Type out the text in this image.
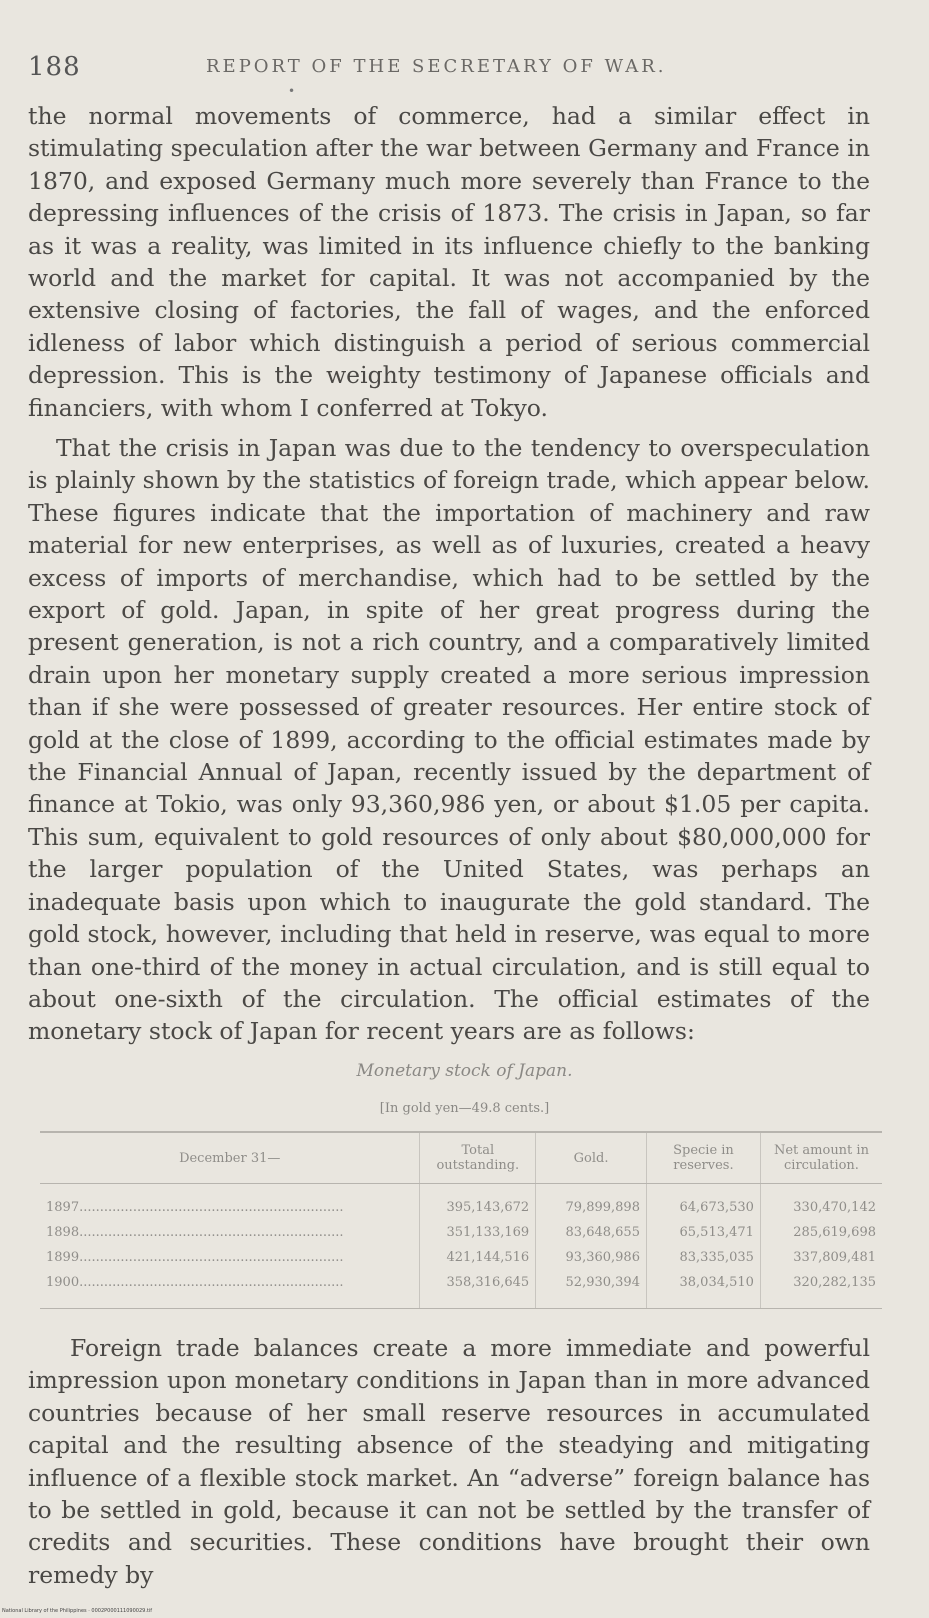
188	REPORT OF THE SECRETARY OF WAR.
•

the normal movements of commerce, had a similar effect in stimulating speculation after the war between Germany and France in 1870, and exposed Germany much more severely than France to the depressing influences of the crisis of 1873. The crisis in Japan, so far as it was a reality, was limited in its influence chiefly to the banking world and the market for capital. It was not accompanied by the extensive closing of factories, the fall of wages, and the enforced idleness of labor which distinguish a period of serious commercial depression. This is the weighty testimony of Japanese officials and financiers, with whom I conferred at Tokyo.

That the crisis in Japan was due to the tendency to overspeculation is plainly shown by the statistics of foreign trade, which appear below. These figures indicate that the importation of machinery and raw material for new enterprises, as well as of luxuries, created a heavy excess of imports of merchandise, which had to be settled by the export of gold. Japan, in spite of her great progress during the present generation, is not a rich country, and a comparatively limited drain upon her monetary supply created a more serious impression than if she were possessed of greater resources. Her entire stock of gold at the close of 1899, according to the official estimates made by the Financial Annual of Japan, recently issued by the department of finance at Tokio, was only 93,360,986 yen, or about $1.05 per capita. This sum, equivalent to gold resources of only about $80,000,000 for the larger population of the United States, was perhaps an inadequate basis upon which to inaugurate the gold standard. The gold stock, however, including that held in reserve, was equal to more than one-third of the money in actual circulation, and is still equal to about one-sixth of the circulation. The official estimates of the monetary stock of Japan for recent years are as follows:

Monetary stock of Japan.
[In gold yen—49.8 cents.]
December 31—	Total outstanding.	Gold.	Specie in reserves.	Net amount in circulation.
1897................................................................	395,143,672	79,899,898	64,673,530	330,470,142
1898................................................................	351,133,169	83,648,655	65,513,471	285,619,698
1899................................................................	421,144,516	93,360,986	83,335,035	337,809,481
1900................................................................	358,316,645	52,930,394	38,034,510	320,282,135

Foreign trade balances create a more immediate and powerful impression upon monetary conditions in Japan than in more advanced countries because of her small reserve resources in accumulated capital and the resulting absence of the steadying and mitigating influence of a flexible stock market. An “adverse” foreign balance has to be settled in gold, because it can not be settled by the transfer of credits and securities. These conditions have brought their own remedy by

National Library of the Philippines · 0002P000111090029.tif
